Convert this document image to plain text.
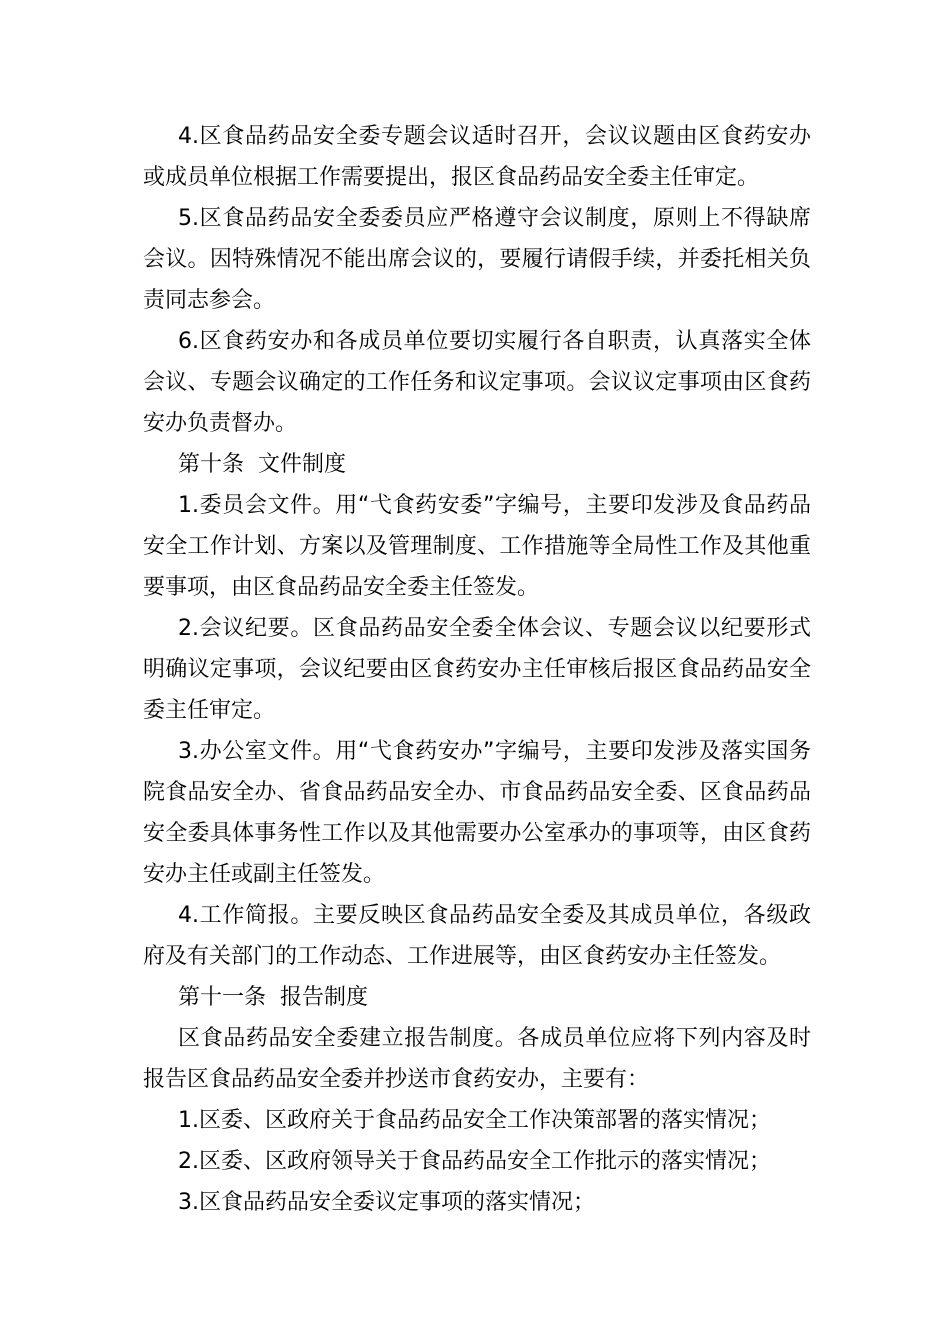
4.区食品药品安全委专题会议适时召开，会议议题由区食药安办或成员单位根据工作需要提出，报区食品药品安全委主任审定。

5.区食品药品安全委委员应严格遵守会议制度，原则上不得缺席会议。因特殊情况不能出席会议的，要履行请假手续，并委托相关负责同志参会。

6.区食药安办和各成员单位要切实履行各自职责，认真落实全体会议、专题会议确定的工作任务和议定事项。会议议定事项由区食药安办负责督办。

第十条  文件制度

1.委员会文件。用“弋食药安委”字编号，主要印发涉及食品药品安全工作计划、方案以及管理制度、工作措施等全局性工作及其他重要事项，由区食品药品安全委主任签发。

2.会议纪要。区食品药品安全委全体会议、专题会议以纪要形式明确议定事项，会议纪要由区食药安办主任审核后报区食品药品安全委主任审定。

3.办公室文件。用“弋食药安办”字编号，主要印发涉及落实国务院食品安全办、省食品药品安全办、市食品药品安全委、区食品药品安全委具体事务性工作以及其他需要办公室承办的事项等，由区食药安办主任或副主任签发。

4.工作简报。主要反映区食品药品安全委及其成员单位，各级政府及有关部门的工作动态、工作进展等，由区食药安办主任签发。

第十一条  报告制度

区食品药品安全委建立报告制度。各成员单位应将下列内容及时报告区食品药品安全委并抄送市食药安办，主要有：

1.区委、区政府关于食品药品安全工作决策部署的落实情况；

2.区委、区政府领导关于食品药品安全工作批示的落实情况；

3.区食品药品安全委议定事项的落实情况；
